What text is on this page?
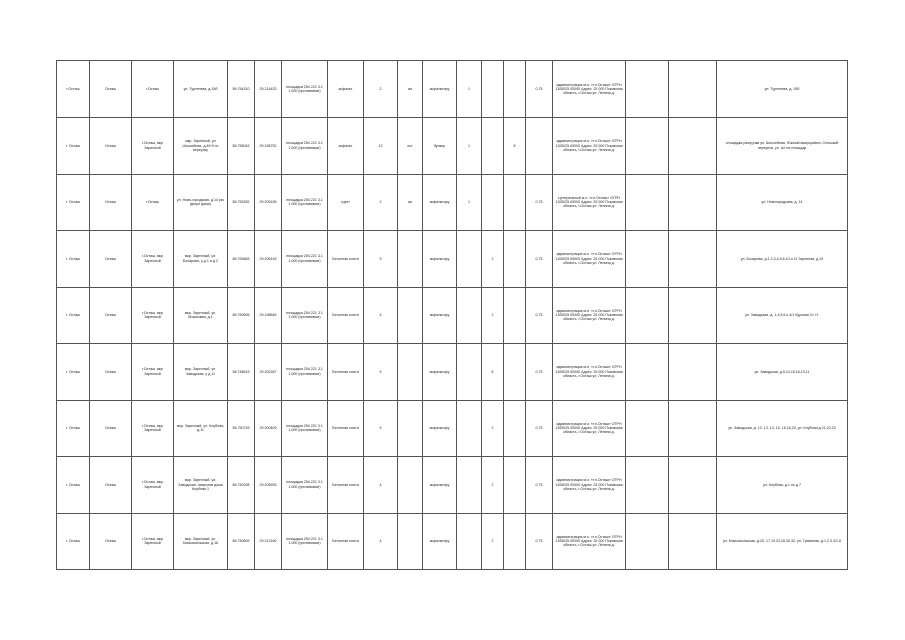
г.Осташ	Осташ	г.Осташ	ул. Тургенева, д.15б	56.754310	29.214433	площадка 254 221 3.1 1.000 (противовые)	асфальт	2	ая	асфальтиру	1			0,75	администрация м.о. «г.п.Осташ» ОГРН 1105025 00000 Адрес: 25 000 Псковская область, г.Осташ ул. Ленина д.			ул. Тургенева, д. 15б
г. Осташ	Осташ	г.Осташ, мкр Заречный	мкр. Заречный, ул Шоссейная, д.49 б по переулку	56.755049	29.196752	площадка 254 221 3.1 1.000 (противовые)	асфальт	12	ост	бункер	1		8		администрация м.о. «г.п.Осташ» ОГРН 1105025 00000 Адрес: 25 000 Псковская область, г.Осташ ул. Ленина д.			площадка разгрузки ул. Шоссейная, Южный микрорайон, Сельский переулок, ул. Ал на площадь
г. Осташ	Осташ	г.Осташ	ул. Ново-городская, д.14 (во дворе дома)	56.753282	29.205155	площадка 254 221 3.1 1.000 (противовые)	грунт	2	ая	асфальтиру	1			0,75	Центральный м.о. «г.п.Осташ» ОГРН 1105025 00000 Адрес: 25 000 Псковская область, г.Осташ ул. Ленина д.			ул. Новогородская, д. 14
г. Осташ	Осташ	г.Осташ, мкр Заречный	мкр. Заречный, ул. Бочарова, у д 1 и д 2	56.753683	29.206145	площадка 254 221 3.1 1.000 (противовые)	Бетонная плита	9		асфальтиру		2		0,75	администрация м.о. «г.п.Осташ» ОГРН 1105025 00000 Адрес: 25 000 Псковская область, г.Осташ ул. Ленина д.			ул. Бочарова, д.1,2,3,4,5,6,10 и 11 Заречная, д.10
г. Осташ	Осташ	г.Осташ, мкр Заречный	мкр. Заречный, ул. Мошковая, д.1	56.750695	29.198645	площадка 254 221 3.1 1.000 (противовые)	Бетонная плита	4		асфальтиру		2		0,75	администрация м.о. «г.п.Осташ» ОГРН 1105025 00000 Адрес: 25 000 Псковская область, г.Осташ ул. Ленина д.			ул. Заводская, д. 1,4,5,6 и 4/1 Курская Ст. Н.
г. Осташ	Осташ	г.Осташ, мкр Заречный	мкр. Заречный, ул. Заводская, у д 11	56.748615	29.202287	площадка 254 221 3.1 1.000 (противовые)	Бетонная плита	9		асфальтиру		6		0,75	администрация м.о. «г.п.Осташ» ОГРН 1105025 00000 Адрес: 25 000 Псковская область, г.Осташ ул. Ленина д.			ул. Заводская, д.5,10,15,16,19,11
г. Осташ	Осташ	г.Осташ, мкр Заречный	мкр. Заречный, ул. Клубная, д.11	56.750745	29.200409	площадка 254 221 3.1 1.000 (противовые)	Бетонная плита	9		асфальтиру		2		0,75	администрация м.о. «г.п.Осташ» ОГРН 1105025 00000 Адрес: 25 000 Псковская область, г.Осташ ул. Ленина д.			ул. Заводская, д. 12, 13, 14, 15, 16,16,20, ул. Клубная д.21,22,23
г. Осташ	Осташ	г.Осташ, мкр Заречный	мкр. Заречный, ул. Заводская, напротив дома Клубная 1	56.750298	29.205925	площадка 254 221 3.1 1.000 (противовые)	Бетонная плита	4		асфальтиру		2		0,75	администрация м.о. «г.п.Осташ» ОГРН 1105025 00000 Адрес: 25 000 Псковская область, г.Осташ ул. Ленина д.			ул. Клубная, д.1 по д.7
г. Осташ	Осташ	г.Осташ, мкр Заречный	мкр. Заречный, ул. Комсомольская, д.16	56.750809	29.212160	площадка 254 221 3.1 1.000 (противовые)	Бетонная плита	4		асфальтиру		2		0,75	администрация м.о. «г.п.Осташ» ОГРН 1105025 00000 Адрес: 25 000 Псковская область, г.Осташ ул. Ленина д.			ул. Комсомольская, д.20, 17,19,23,28,30,32; ул. Туманная, д.1,2,3,3/1,8
